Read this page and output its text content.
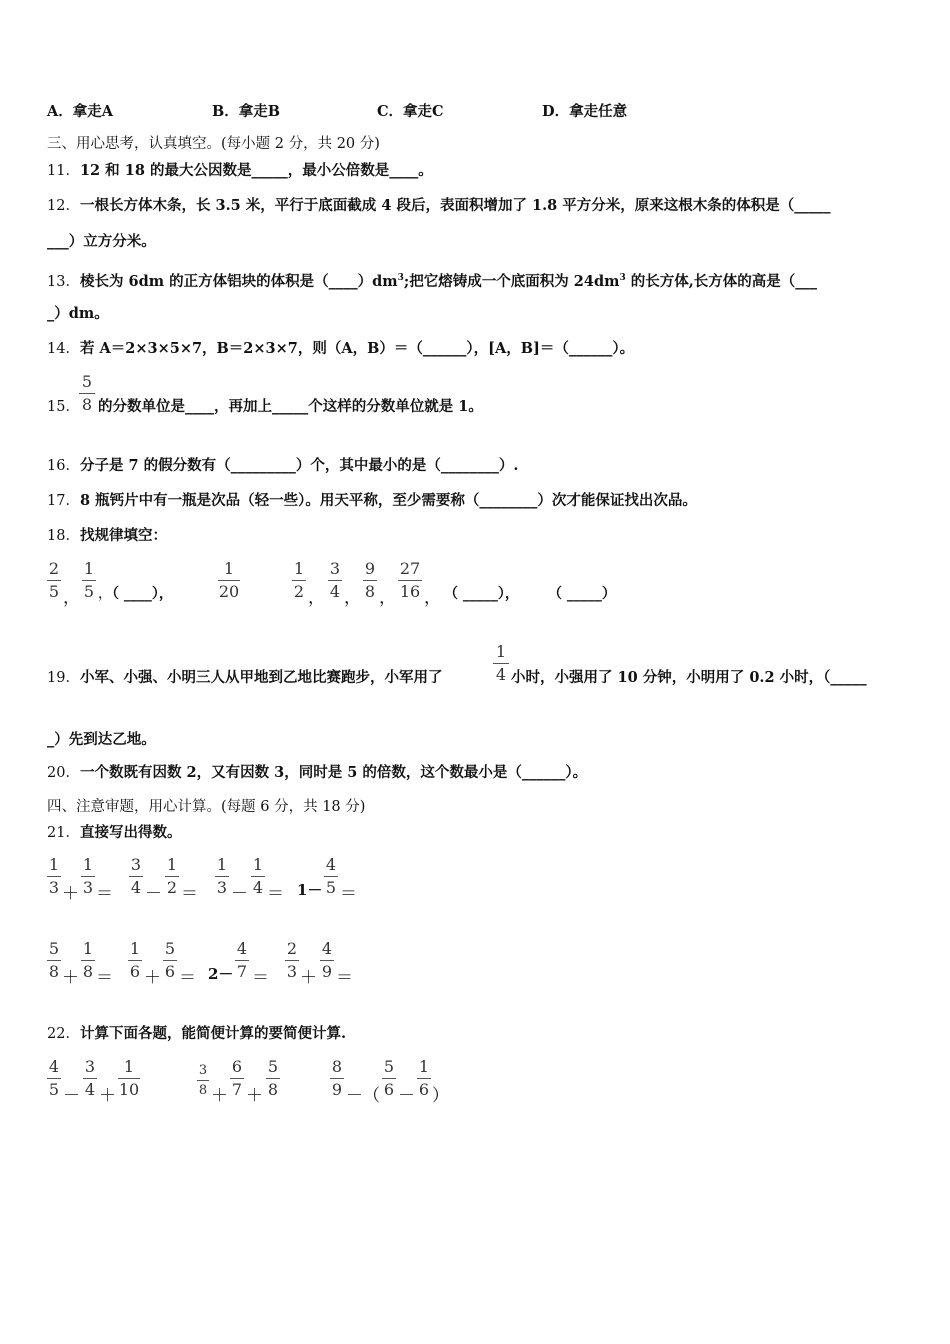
A．拿走A	B．拿走B	C．拿走C	D．拿走任意
三、用心思考，认真填空。(每小题 2 分，共 20 分)
11．12 和 18 的最大公因数是_____，最小公倍数是____。
12．一根长方体木条，长 3.5 米，平行于底面截成 4 段后，表面积增加了 1.8 平方分米，原来这根木条的体积是（_____
___）立方分米。
13．棱长为 6dm 的正方体铝块的体积是$(\_\_\_\_)dm^3$;把它熔铸成一个底面积为 $24dm^3$ 的长方体,长方体的高是（___
_）dm。
14．若 A＝2×3×5×7，B＝2×3×7，则（A，B）＝（______），[A，B]＝（______）。
15．
5
8 的分数单位是____，再加上_____个这样的分数单位就是 1。
16．分子是 7 的假分数有（_________）个，其中最小的是（________）.
17．8 瓶钙片中有一瓶是次品（轻一些）。用天平称，至少需要称（________）次才能保证找出次品。
18．找规律填空：
2
5 ，
1
5 ，（ ____），
1
20
1
2 ，
3
4 ，
9
8 ，
27
16 ， （ _____）， （ _____）
19．小军、小强、小明三人从甲地到乙地比赛跑步，小军用了
1
4 小时，小强用了 10 分钟，小明用了 0.2 小时，（_____
_）先到达乙地。
20．一个数既有因数 2，又有因数 3，同时是 5 的倍数，这个数最小是（______）。
四、注意审题，用心计算。(每题 6 分，共 18 分)
21．直接写出得数。
1
3 ＋
1
3 ＝
3
4 －
1
2 ＝
1
3 －
1
4 ＝ 1－
4
5 ＝
5
8 ＋
1
8 ＝
1
6 ＋
5
6 ＝ 2－
4
7 ＝
2
3 ＋
4
9 ＝
22．计算下面各题，能简便计算的要简便计算.
4
5 －
3
4 ＋
1
10
3
8 ＋
6
7 ＋
5
8
8
9 －（
5
6 －
1
6 ）
